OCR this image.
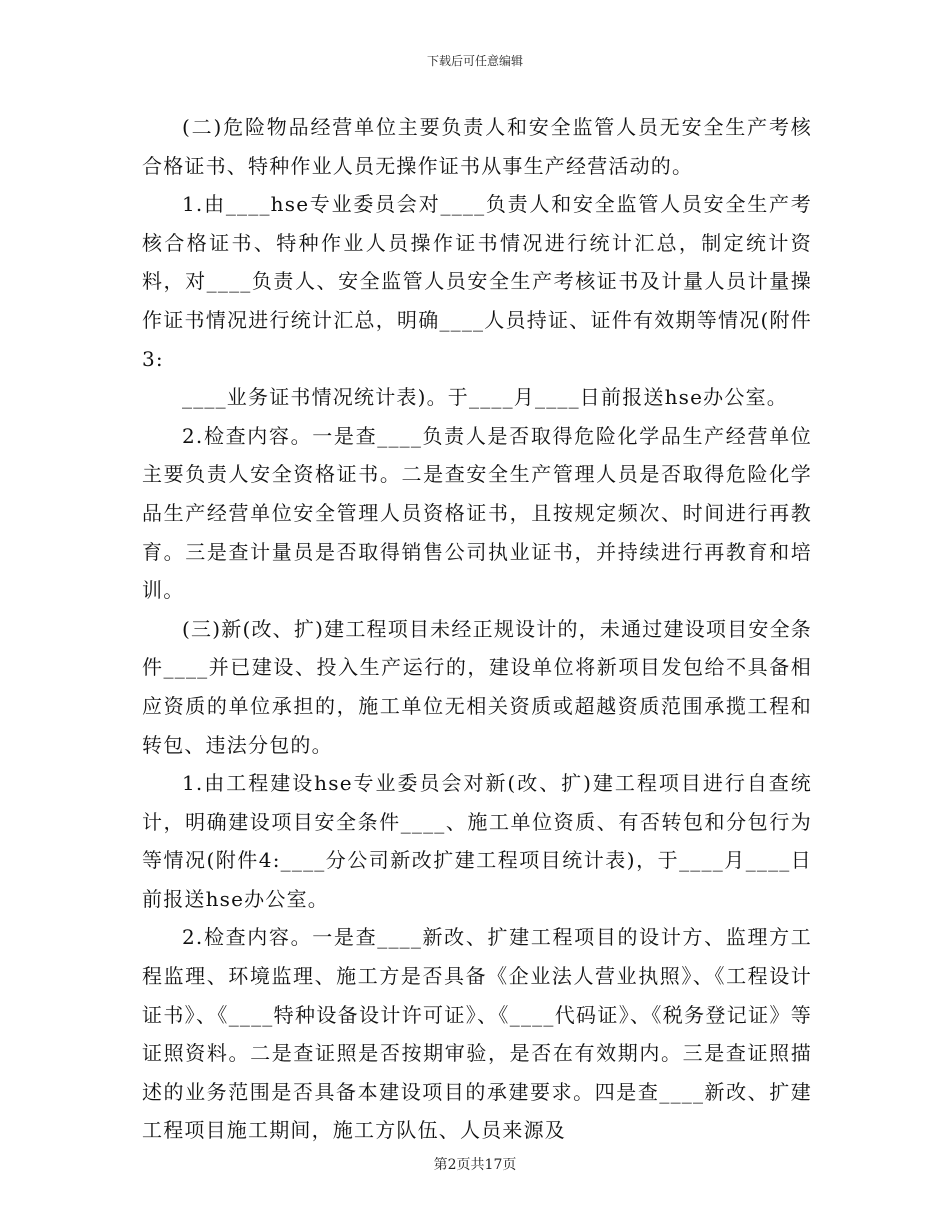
下载后可任意编辑

(二)危险物品经营单位主要负责人和安全监管人员无安全生产考核合格证书、特种作业人员无操作证书从事生产经营活动的。

1.由____hse专业委员会对____负责人和安全监管人员安全生产考核合格证书、特种作业人员操作证书情况进行统计汇总，制定统计资料，对____负责人、安全监管人员安全生产考核证书及计量人员计量操作证书情况进行统计汇总，明确____人员持证、证件有效期等情况(附件3:

____业务证书情况统计表)。于____月____日前报送hse办公室。

2.检查内容。一是查____负责人是否取得危险化学品生产经营单位主要负责人安全资格证书。二是查安全生产管理人员是否取得危险化学品生产经营单位安全管理人员资格证书，且按规定频次、时间进行再教育。三是查计量员是否取得销售公司执业证书，并持续进行再教育和培训。

(三)新(改、扩)建工程项目未经正规设计的，未通过建设项目安全条件____并已建设、投入生产运行的，建设单位将新项目发包给不具备相应资质的单位承担的，施工单位无相关资质或超越资质范围承揽工程和转包、违法分包的。

1.由工程建设hse专业委员会对新(改、扩)建工程项目进行自查统计，明确建设项目安全条件____、施工单位资质、有否转包和分包行为等情况(附件4:____分公司新改扩建工程项目统计表)，于____月____日前报送hse办公室。

2.检查内容。一是查____新改、扩建工程项目的设计方、监理方工程监理、环境监理、施工方是否具备《企业法人营业执照》、《工程设计证书》、《____特种设备设计许可证》、《____代码证》、《税务登记证》等证照资料。二是查证照是否按期审验，是否在有效期内。三是查证照描述的业务范围是否具备本建设项目的承建要求。四是查____新改、扩建工程项目施工期间，施工方队伍、人员来源及

第2页共17页
